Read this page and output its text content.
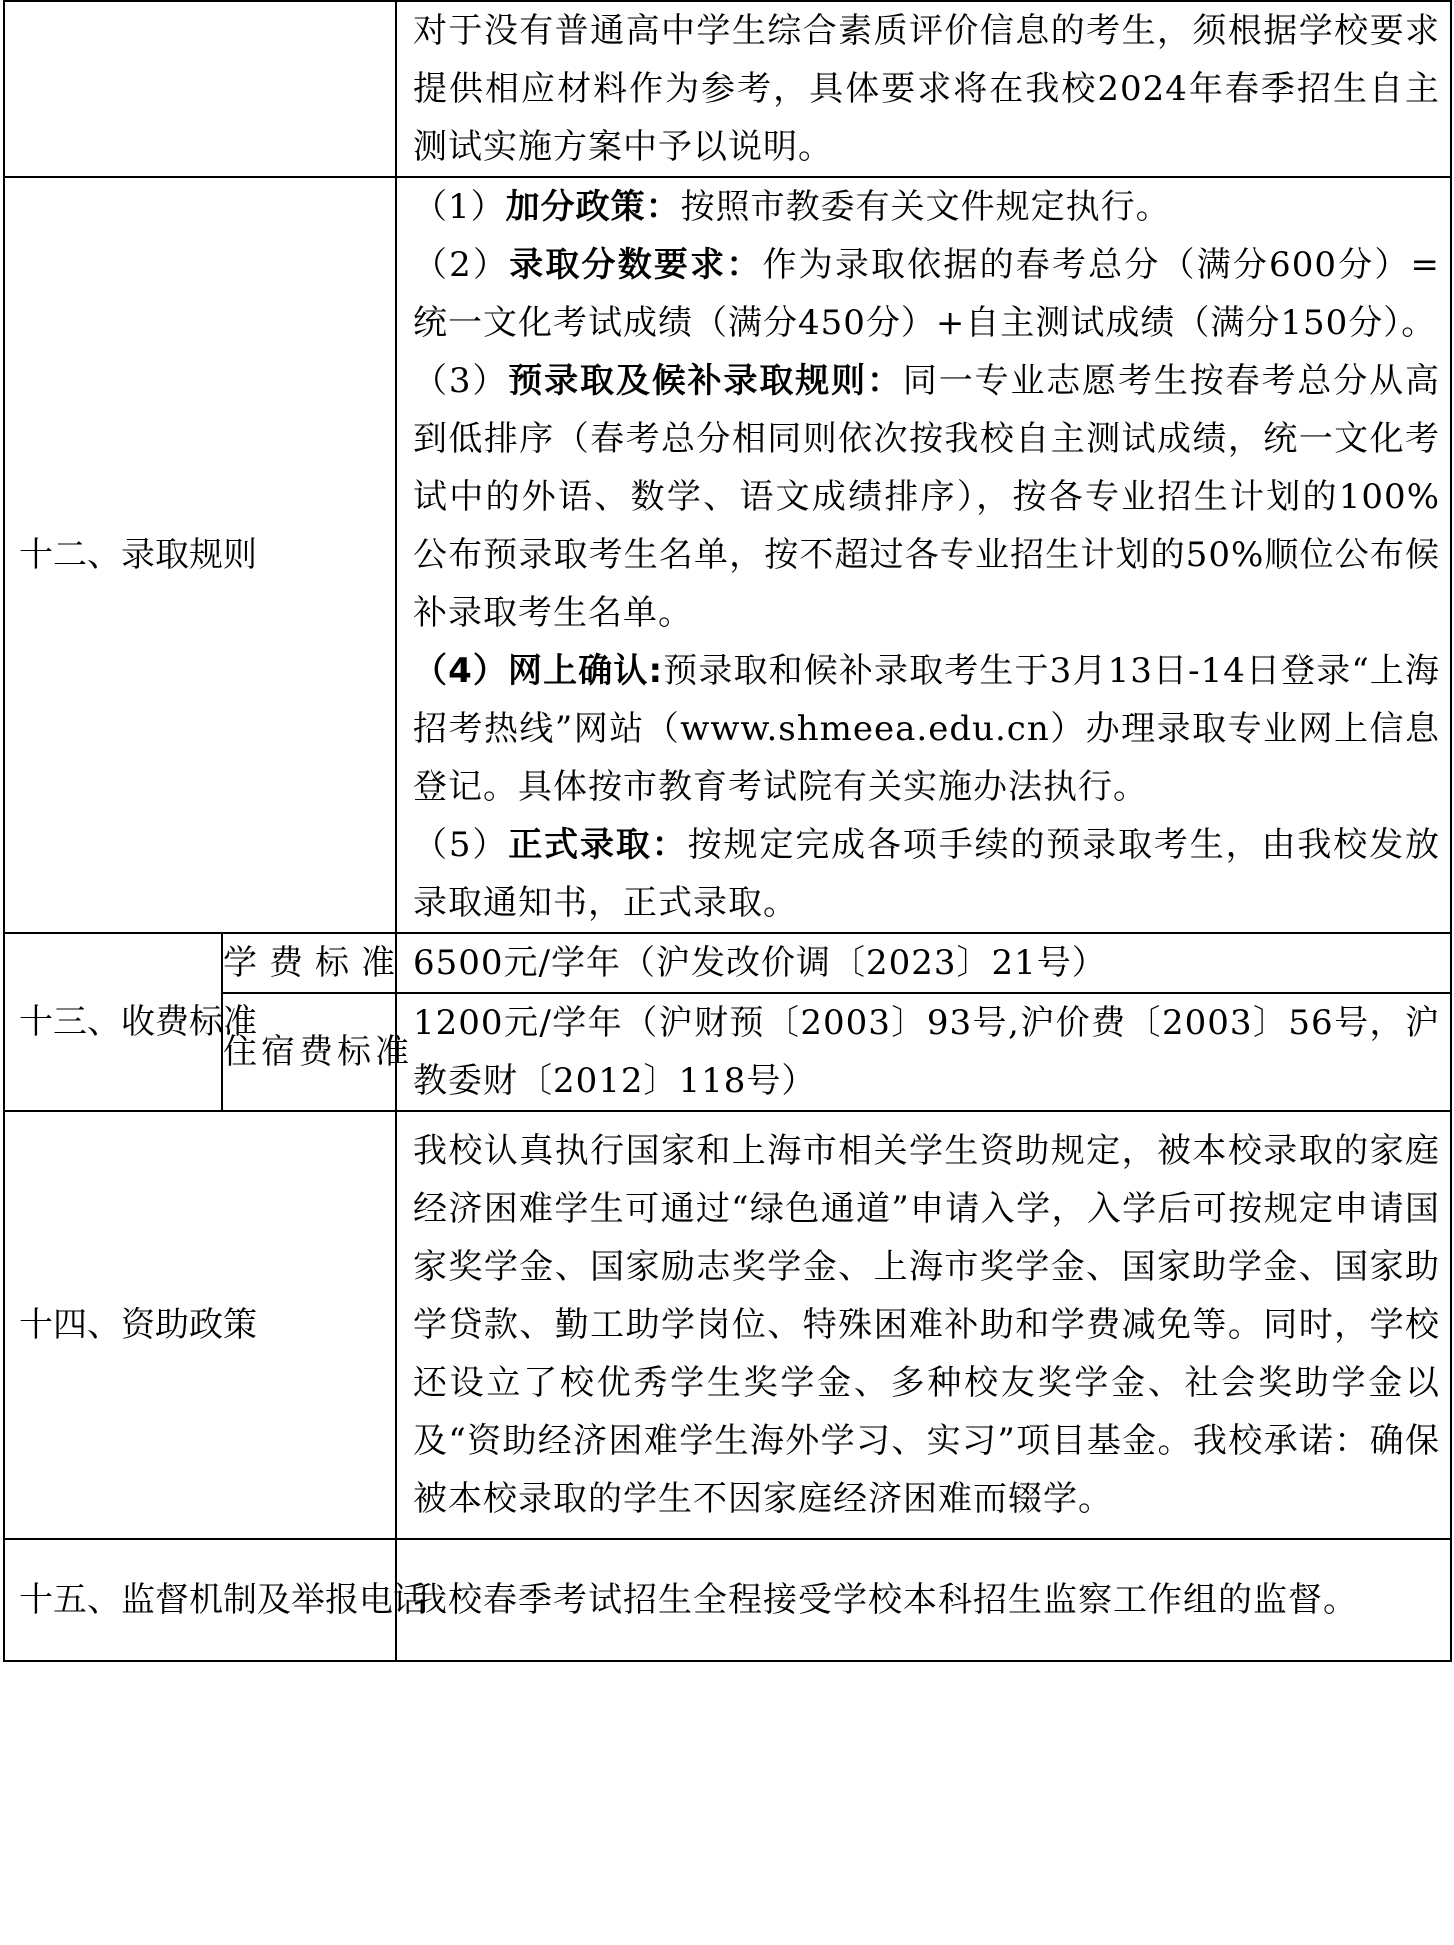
		对于没有普通高中学生综合素质评价信息的考生，须根据学校要求提供相应材料作为参考，具体要求将在我校2024年春季招生自主测试实施方案中予以说明。

十二、录取规则		（1）加分政策：按照市教委有关文件规定执行。

（2）录取分数要求：作为录取依据的春考总分（满分600分）=统一文化考试成绩（满分450分）+自主测试成绩（满分150分）。

（3）预录取及候补录取规则：同一专业志愿考生按春考总分从高到低排序（春考总分相同则依次按我校自主测试成绩，统一文化考试中的外语、数学、语文成绩排序），按各专业招生计划的100%公布预录取考生名单，按不超过各专业招生计划的50%顺位公布候补录取考生名单。

（4）网上确认:预录取和候补录取考生于3月13日-14日登录“上海招考热线”网站（www.shmeea.edu.cn）办理录取专业网上信息登记。具体按市教育考试院有关实施办法执行。

（5）正式录取：按规定完成各项手续的预录取考生，由我校发放录取通知书，正式录取。

十三、收费标准	学费标准	6500元/学年（沪发改价调〔2023〕21号）
	住宿费标准	1200元/学年（沪财预〔2003〕93号,沪价费〔2003〕56号，沪教委财〔2012〕118号）
十四、资助政策		我校认真执行国家和上海市相关学生资助规定，被本校录取的家庭经济困难学生可通过“绿色通道”申请入学，入学后可按规定申请国家奖学金、国家励志奖学金、上海市奖学金、国家助学金、国家助学贷款、勤工助学岗位、特殊困难补助和学费减免等。同时，学校还设立了校优秀学生奖学金、多种校友奖学金、社会奖助学金以及“资助经济困难学生海外学习、实习”项目基金。我校承诺：确保被本校录取的学生不因家庭经济困难而辍学。

十五、监督机制及举报电话		我校春季考试招生全程接受学校本科招生监察工作组的监督。
